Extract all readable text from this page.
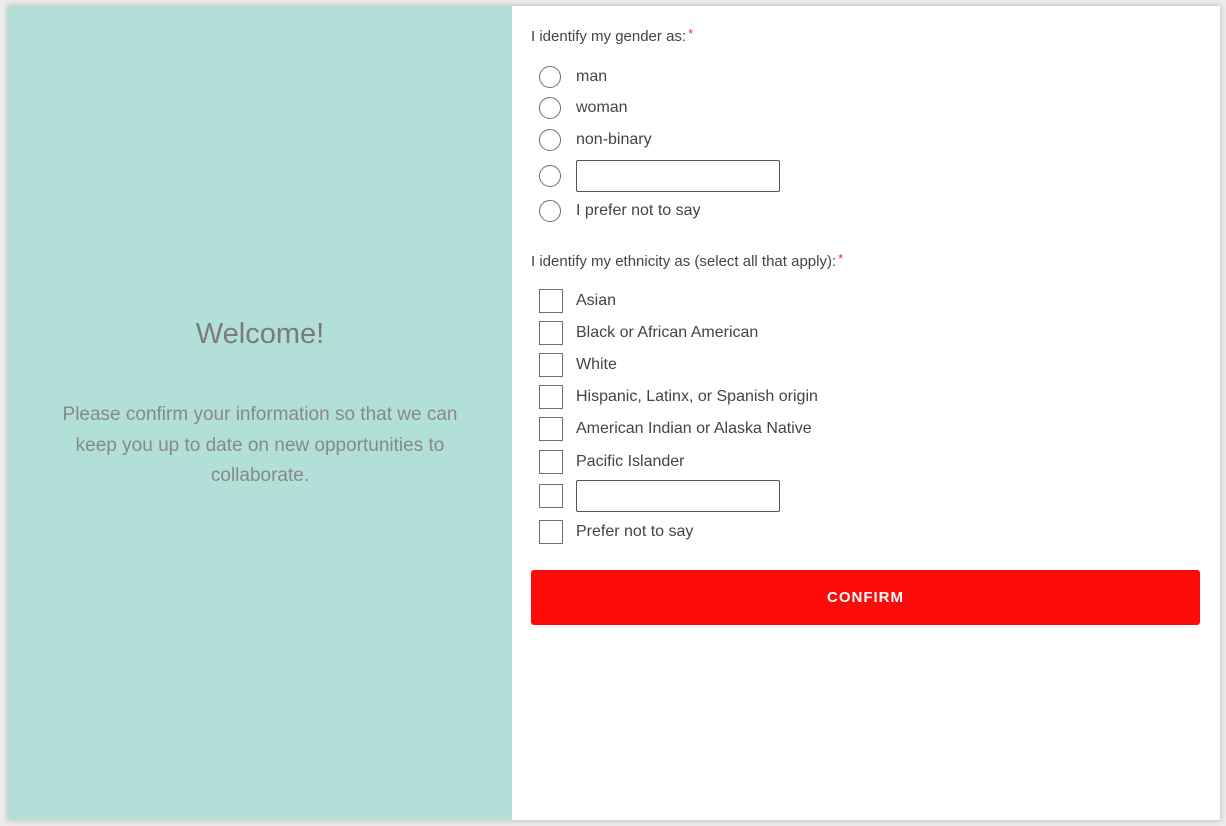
Welcome!
Please confirm your information so that we can keep you up to date on new opportunities to collaborate.
I identify my gender as: *
man
woman
non-binary
I prefer not to say
I identify my ethnicity as (select all that apply): *
Asian
Black or African American
White
Hispanic, Latinx, or Spanish origin
American Indian or Alaska Native
Pacific Islander
Prefer not to say
CONFIRM
